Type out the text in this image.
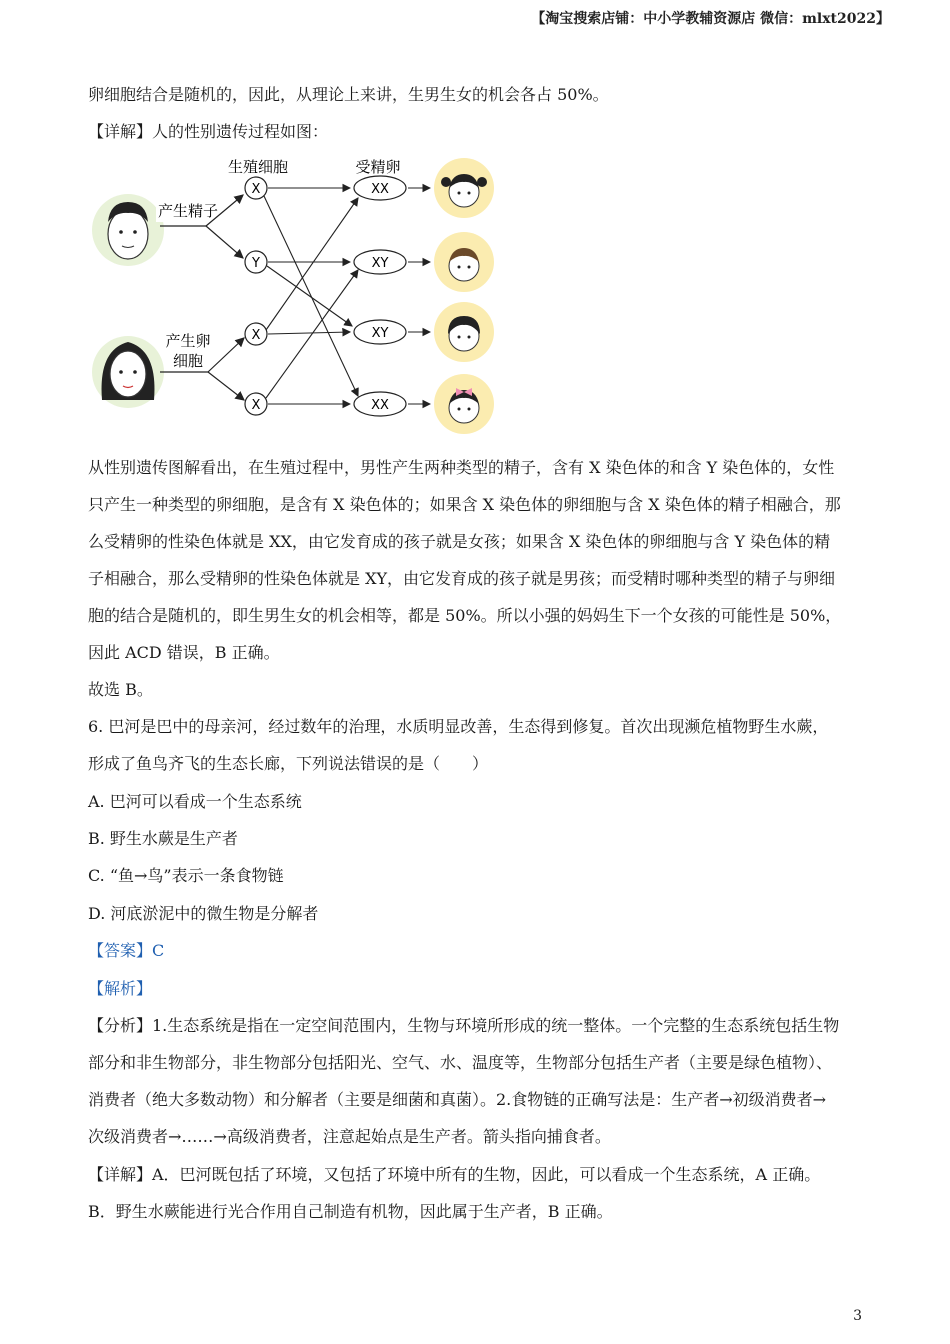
【淘宝搜索店铺：中小学教辅资源店 微信：mlxt2022】
卵细胞结合是随机的，因此，从理论上来讲，生男生女的机会各占 50%。
【详解】人的性别遗传过程如图：
生殖细胞	受精卵
产生精子
产生卵
细胞
X
Y
X
X
XX
XY
XY
XX
从性别遗传图解看出，在生殖过程中，男性产生两种类型的精子，含有 X 染色体的和含 Y 染色体的，女性
只产生一种类型的卵细胞，是含有 X 染色体的；如果含 X 染色体的卵细胞与含 X 染色体的精子相融合，那
么受精卵的性染色体就是 XX，由它发育成的孩子就是女孩；如果含 X 染色体的卵细胞与含 Y 染色体的精
子相融合，那么受精卵的性染色体就是 XY，由它发育成的孩子就是男孩；而受精时哪种类型的精子与卵细
胞的结合是随机的，即生男生女的机会相等，都是 50%。所以小强的妈妈生下一个女孩的可能性是 50%，
因此 ACD 错误，B 正确。
故选 B。
6. 巴河是巴中的母亲河，经过数年的治理，水质明显改善，生态得到修复。首次出现濒危植物野生水蕨，
形成了鱼鸟齐飞的生态长廊，下列说法错误的是（　　）
A. 巴河可以看成一个生态系统
B. 野生水蕨是生产者
C. “鱼→鸟”表示一条食物链
D. 河底淤泥中的微生物是分解者
【答案】C
【解析】
【分析】1.生态系统是指在一定空间范围内，生物与环境所形成的统一整体。一个完整的生态系统包括生物
部分和非生物部分，非生物部分包括阳光、空气、水、温度等，生物部分包括生产者（主要是绿色植物）、
消费者（绝大多数动物）和分解者（主要是细菌和真菌）。2.食物链的正确写法是：生产者→初级消费者→
次级消费者→……→高级消费者，注意起始点是生产者。箭头指向捕食者。
【详解】A．巴河既包括了环境，又包括了环境中所有的生物，因此，可以看成一个生态系统，A 正确。
B．野生水蕨能进行光合作用自己制造有机物，因此属于生产者，B 正确。
3
